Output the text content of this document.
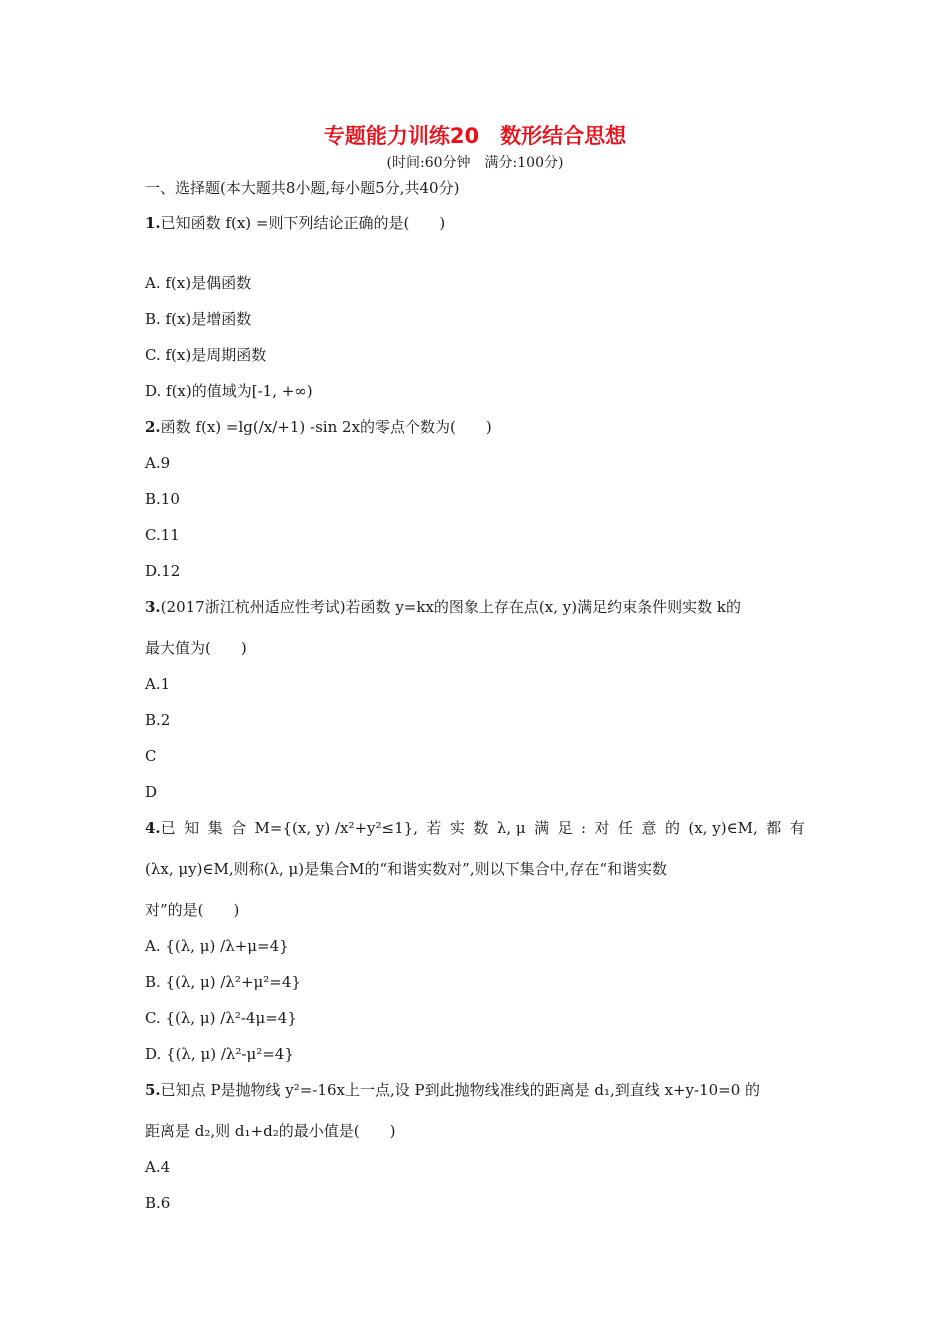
专题能力训练20　数形结合思想
(时间:60分钟　满分:100分)
一、选择题(本大题共8小题,每小题5分,共40分)
1.已知函数 f(x) =则下列结论正确的是(　　)
A. f(x)是偶函数
B. f(x)是增函数
C. f(x)是周期函数
D. f(x)的值域为[-1, +∞)
2.函数 f(x) =lg(/x/+1) -sin 2x的零点个数为(　　)
A.9
B.10
C.11
D.12
3.(2017浙江杭州适应性考试)若函数 y=kx的图象上存在点(x, y)满足约束条件则实数 k的
最大值为(　　)
A.1
B.2
C
D
4.已 知 集 合 M={(x, y) /x²+y²≤1}, 若 实 数 λ, μ 满 足 : 对 任 意 的 (x, y)∈M, 都 有
(λx, μy)∈M,则称(λ, μ)是集合M的“和谐实数对”,则以下集合中,存在“和谐实数
对”的是(　　)
A. {(λ, μ) /λ+μ=4}
B. {(λ, μ) /λ²+μ²=4}
C. {(λ, μ) /λ²-4μ=4}
D. {(λ, μ) /λ²-μ²=4}
5.已知点 P是抛物线 y²=-16x上一点,设 P到此抛物线准线的距离是 d₁,到直线 x+y-10=0 的
距离是 d₂,则 d₁+d₂的最小值是(　　)
A.4
B.6
